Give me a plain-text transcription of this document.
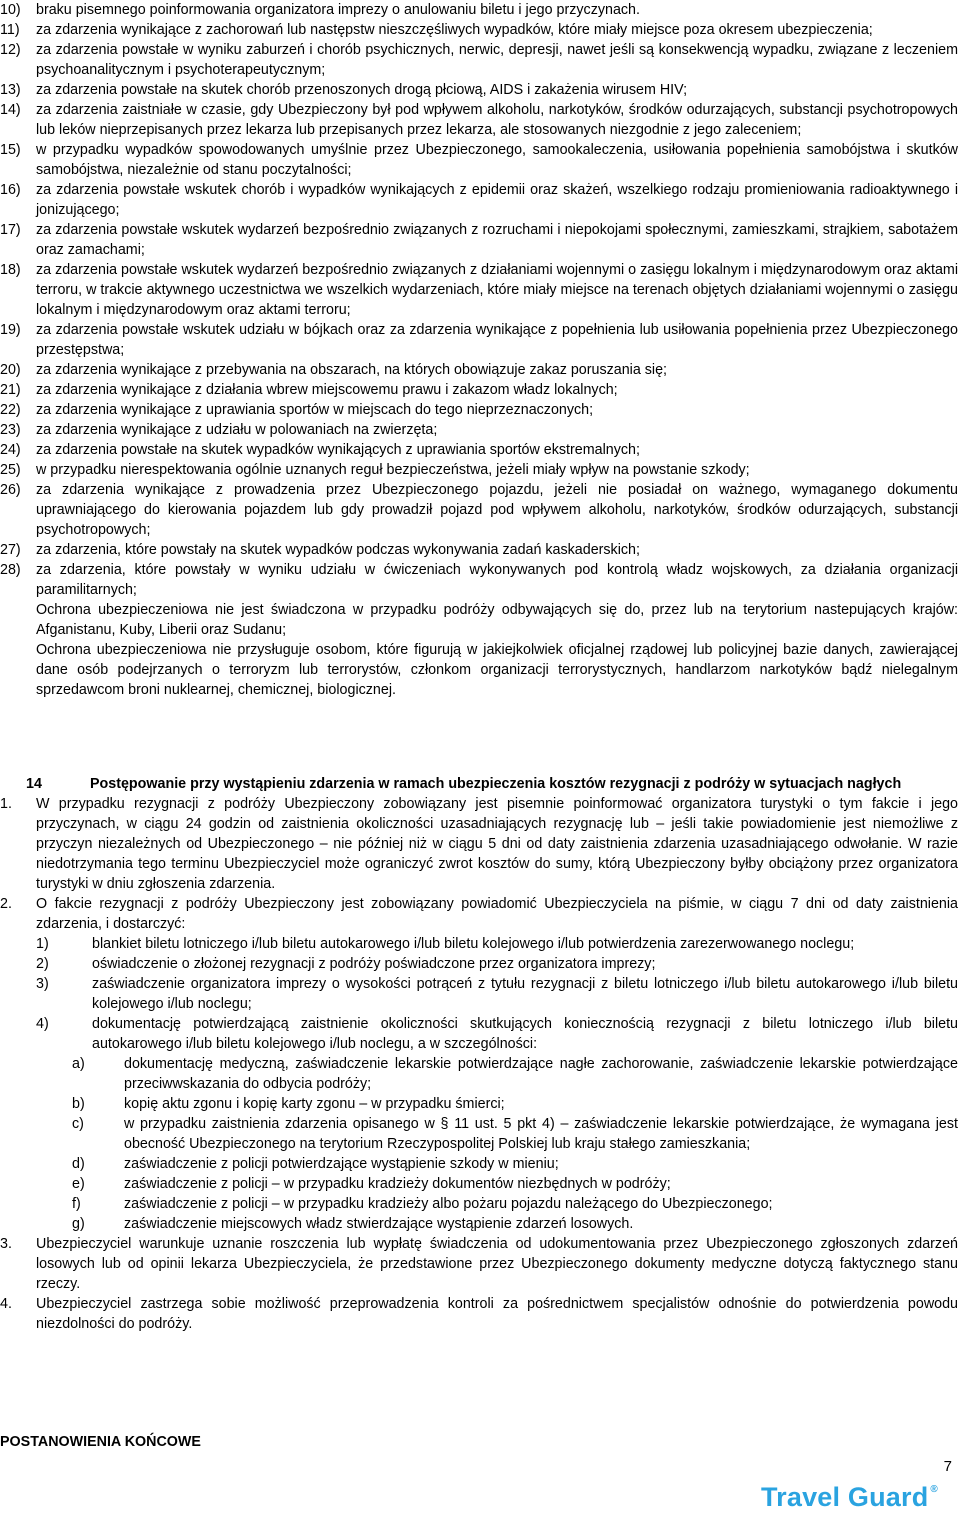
10)	braku pisemnego poinformowania organizatora imprezy o anulowaniu biletu i jego przyczynach.
11)	za zdarzenia wynikające z zachorowań lub następstw nieszczęśliwych wypadków, które miały miejsce poza okresem ubezpieczenia;
12)	za zdarzenia powstałe w wyniku zaburzeń i chorób psychicznych, nerwic, depresji, nawet jeśli są konsekwencją wypadku, związane z leczeniem psychoanalitycznym i psychoterapeutycznym;
13)	za zdarzenia powstałe na skutek chorób przenoszonych drogą płciową, AIDS i zakażenia wirusem HIV;
14)	za zdarzenia zaistniałe w czasie, gdy Ubezpieczony był pod wpływem alkoholu, narkotyków, środków odurzających, substancji psychotropowych lub leków nieprzepisanych przez lekarza lub przepisanych przez lekarza, ale stosowanych niezgodnie z jego zaleceniem;
15)	w przypadku wypadków spowodowanych umyślnie przez Ubezpieczonego, samookaleczenia, usiłowania popełnienia samobójstwa i skutków samobójstwa, niezależnie od stanu poczytalności;
16)	za zdarzenia powstałe wskutek chorób i wypadków wynikających z epidemii oraz skażeń, wszelkiego rodzaju promieniowania radioaktywnego i jonizującego;
17)	za zdarzenia powstałe wskutek wydarzeń bezpośrednio związanych z rozruchami i niepokojami społecznymi, zamieszkami, strajkiem, sabotażem oraz zamachami;
18)	za zdarzenia powstałe wskutek wydarzeń bezpośrednio związanych z działaniami wojennymi o zasięgu lokalnym i międzynarodowym oraz aktami terroru, w trakcie aktywnego uczestnictwa we wszelkich wydarzeniach, które miały miejsce na terenach objętych działaniami wojennymi o zasięgu lokalnym i międzynarodowym oraz aktami terroru;
19)	za zdarzenia powstałe wskutek udziału w bójkach oraz za zdarzenia wynikające z popełnienia lub usiłowania popełnienia przez Ubezpieczonego przestępstwa;
20)	za zdarzenia wynikające z przebywania na obszarach, na których obowiązuje zakaz poruszania się;
21)	za zdarzenia wynikające z działania wbrew miejscowemu prawu i zakazom władz lokalnych;
22)	za zdarzenia wynikające z uprawiania sportów w miejscach do tego nieprzeznaczonych;
23)	za zdarzenia wynikające z udziału w polowaniach na zwierzęta;
24)	za zdarzenia powstałe na skutek wypadków wynikających z uprawiania sportów ekstremalnych;
25)	w przypadku nierespektowania ogólnie uznanych reguł bezpieczeństwa, jeżeli miały wpływ na powstanie szkody;
26)	za zdarzenia wynikające z prowadzenia przez Ubezpieczonego pojazdu, jeżeli nie posiadał on ważnego, wymaganego dokumentu uprawniającego do kierowania pojazdem lub gdy prowadził pojazd pod wpływem alkoholu, narkotyków, środków odurzających, substancji psychotropowych;
27)	za zdarzenia, które powstały na skutek wypadków podczas wykonywania zadań kaskaderskich;
28)	za zdarzenia, które powstały w wyniku udziału w ćwiczeniach wykonywanych pod kontrolą władz wojskowych, za działania organizacji paramilitarnych;
Ochrona ubezpieczeniowa nie jest świadczona w przypadku podróży odbywających się do, przez lub na terytorium nastepujących krajów: Afganistanu, Kuby, Liberii oraz Sudanu;
Ochrona ubezpieczeniowa nie przysługuje osobom, które figurują w jakiejkolwiek oficjalnej rządowej lub policyjnej bazie danych, zawierającej dane osób podejrzanych o terroryzm lub terrorystów, członkom organizacji terrorystycznych, handlarzom narkotyków bądź nielegalnym sprzedawcom broni nuklearnej, chemicznej, biologicznej.
14	Postępowanie przy wystąpieniu zdarzenia w ramach ubezpieczenia kosztów rezygnacji z podróży w sytuacjach nagłych
1.	W przypadku rezygnacji z podróży Ubezpieczony zobowiązany jest pisemnie poinformować organizatora turystyki o tym fakcie i jego przyczynach, w ciągu 24 godzin od zaistnienia okoliczności uzasadniających rezygnację lub – jeśli takie powiadomienie jest niemożliwe z przyczyn niezależnych od Ubezpieczonego – nie później niż w ciągu 5 dni od daty zaistnienia zdarzenia uzasadniającego odwołanie. W razie niedotrzymania tego terminu Ubezpieczyciel może ograniczyć zwrot kosztów do sumy, którą Ubezpieczony byłby obciążony przez organizatora turystyki w dniu zgłoszenia zdarzenia.
2.	O fakcie rezygnacji z podróży Ubezpieczony jest zobowiązany powiadomić Ubezpieczyciela na piśmie, w ciągu 7 dni od daty zaistnienia zdarzenia, i dostarczyć:
1)	blankiet biletu lotniczego i/lub biletu autokarowego i/lub biletu kolejowego i/lub potwierdzenia zarezerwowanego noclegu;
2)	oświadczenie o złożonej rezygnacji z podróży poświadczone przez organizatora imprezy;
3)	zaświadczenie organizatora imprezy o wysokości potrąceń z tytułu rezygnacji z biletu lotniczego i/lub biletu autokarowego i/lub biletu kolejowego i/lub noclegu;
4)	dokumentację potwierdzającą zaistnienie okoliczności skutkujących koniecznością rezygnacji z biletu lotniczego i/lub biletu autokarowego i/lub biletu kolejowego i/lub noclegu, a w szczególności:
a)	dokumentację medyczną, zaświadczenie lekarskie potwierdzające nagłe zachorowanie, zaświadczenie lekarskie potwierdzające przeciwwskazania do odbycia podróży;
b)	kopię aktu zgonu i kopię karty zgonu – w przypadku śmierci;
c)	w przypadku zaistnienia zdarzenia opisanego w § 11 ust. 5 pkt 4) – zaświadczenie lekarskie potwierdzające, że wymagana jest obecność Ubezpieczonego na terytorium Rzeczypospolitej Polskiej lub kraju stałego zamieszkania;
d)	zaświadczenie z policji potwierdzające wystąpienie szkody w mieniu;
e)	zaświadczenie z policji – w przypadku kradzieży dokumentów niezbędnych w podróży;
f)	zaświadczenie z policji – w przypadku kradzieży albo pożaru pojazdu należącego do Ubezpieczonego;
g)	zaświadczenie miejscowych władz stwierdzające wystąpienie zdarzeń losowych.
3.	Ubezpieczyciel warunkuje uznanie roszczenia lub wypłatę świadczenia od udokumentowania przez Ubezpieczonego zgłoszonych zdarzeń losowych lub od opinii lekarza Ubezpieczyciela, że przedstawione przez Ubezpieczonego dokumenty medyczne dotyczą faktycznego stanu rzeczy.
4.	Ubezpieczyciel zastrzega sobie możliwość przeprowadzenia kontroli za pośrednictwem specjalistów odnośnie do potwierdzenia powodu niezdolności do podróży.
POSTANOWIENIA KOŃCOWE
7
Travel Guard®
